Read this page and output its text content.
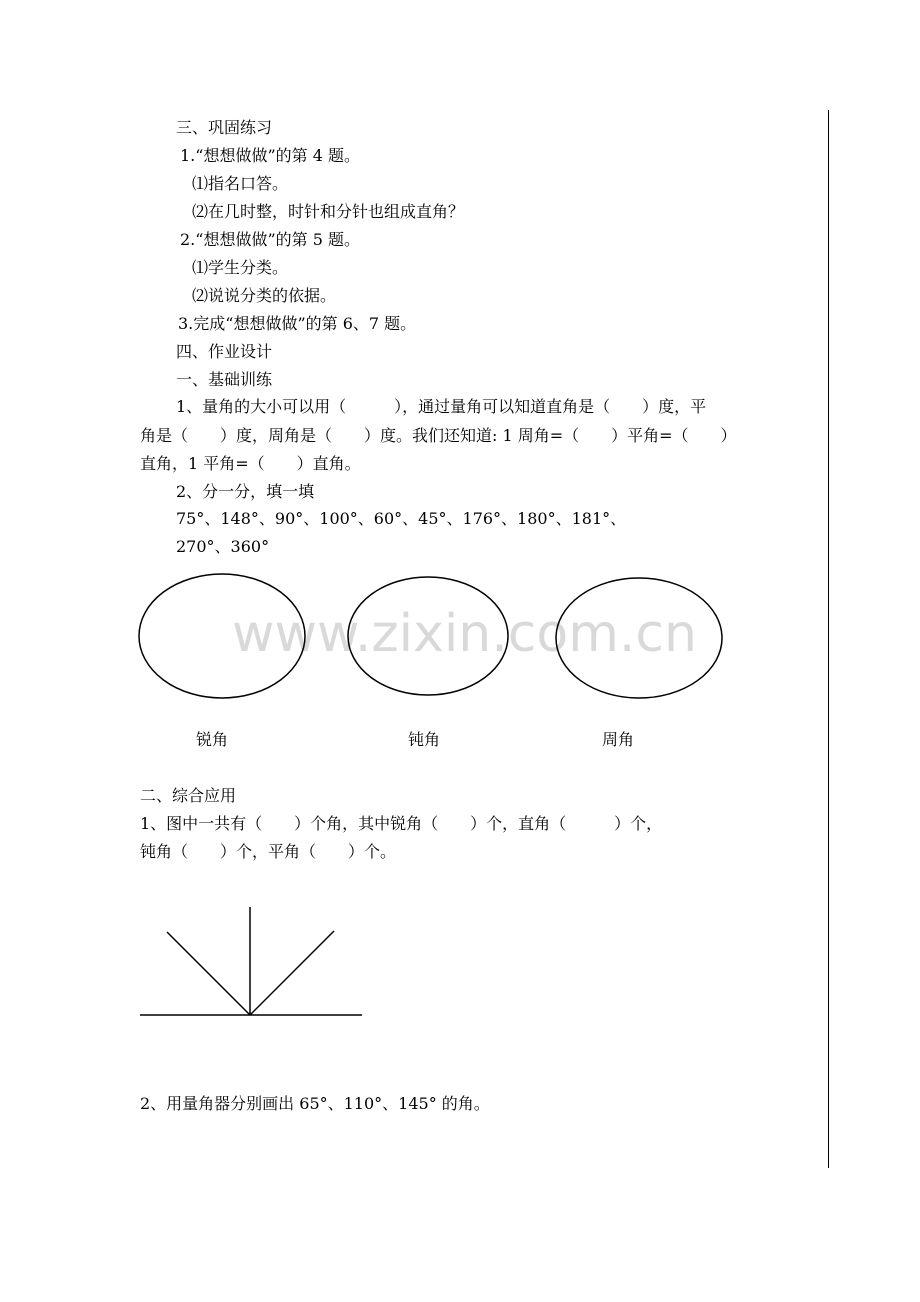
三、巩固练习
1.“想想做做”的第 4 题。
⑴指名口答。
⑵在几时整，时针和分针也组成直角？
2.“想想做做”的第 5 题。
⑴学生分类。
⑵说说分类的依据。
3.完成“想想做做”的第 6、7 题。
四、作业设计
一、基础训练
1、量角的大小可以用（　　　），通过量角可以知道直角是（　　）度，平
角是（　　）度，周角是（　　）度。我们还知道: 1 周角=（　　）平角=（　　）
直角，1 平角=（　　）直角。
2、分一分，填一填
75°、148°、90°、100°、60°、45°、176°、180°、181°、
270°、360°
www.zixin.com.cn
锐角	钝角	周角
二、综合应用
1、图中一共有（　　）个角，其中锐角（　　）个，直角（　　　）个，
钝角（　　）个，平角（　　）个。
2、用量角器分别画出 65°、110°、145° 的角。
